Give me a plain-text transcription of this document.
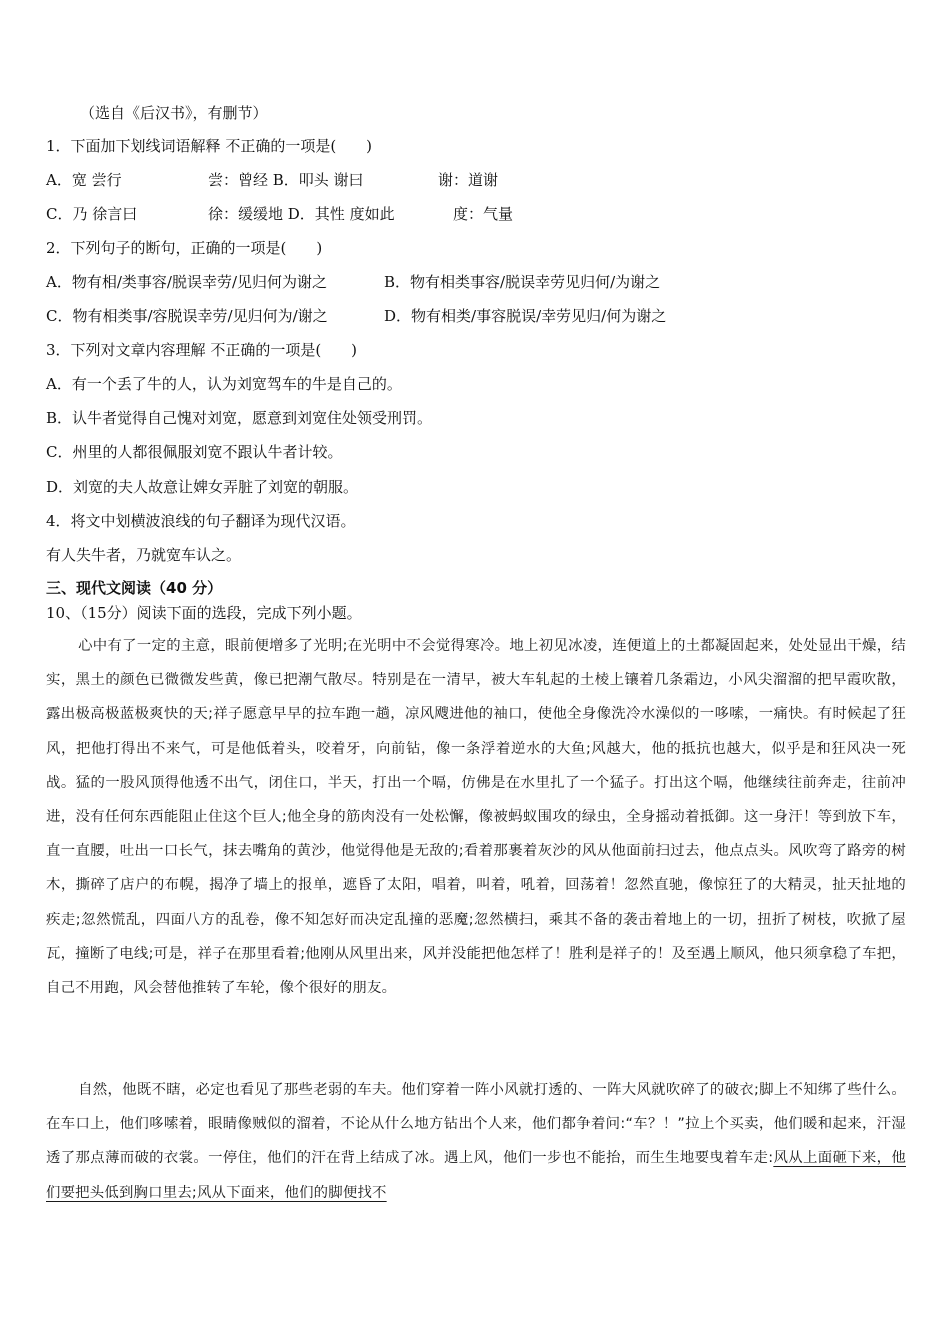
（选自《后汉书》，有删节）
1．下面加下划线词语解释 不正确的一项是(　　)
A．宽 尝行	尝：曾经 B．叩头 谢曰	谢：道谢
C．乃 徐言曰	徐：缓缓地 D．其性 度如此	度：气量
2．下列句子的断句，正确的一项是(　　)
A．物有相/类事容/脱误幸劳/见归何为谢之	B．物有相类事容/脱误幸劳见归何/为谢之
C．物有相类事/容脱误幸劳/见归何为/谢之	D．物有相类/事容脱误/幸劳见归/何为谢之
3．下列对文章内容理解 不正确的一项是(　　)
A．有一个丢了牛的人，认为刘宽驾车的牛是自己的。
B．认牛者觉得自己愧对刘宽，愿意到刘宽住处领受刑罚。
C．州里的人都很佩服刘宽不跟认牛者计较。
D．刘宽的夫人故意让婢女弄脏了刘宽的朝服。
4．将文中划横波浪线的句子翻译为现代汉语。
有人失牛者，乃就宽车认之。
三、现代文阅读（40 分）
10、（15分）阅读下面的选段，完成下列小题。
心中有了一定的主意，眼前便增多了光明;在光明中不会觉得寒冷。地上初见冰凌，连便道上的土都凝固起来，处处显出干燥，结实，黑土的颜色已微微发些黄，像已把潮气散尽。特别是在一清早，被大车轧起的土棱上镶着几条霜边，小风尖溜溜的把早霞吹散，露出极高极蓝极爽快的天;祥子愿意早早的拉车跑一趟，凉风飕进他的袖口，使他全身像洗冷水澡似的一哆嗦，一痛快。有时候起了狂风，把他打得出不来气，可是他低着头，咬着牙，向前钻，像一条浮着逆水的大鱼;风越大，他的抵抗也越大，似乎是和狂风决一死战。猛的一股风顶得他透不出气，闭住口，半天，打出一个嗝，仿佛是在水里扎了一个猛子。打出这个嗝，他继续往前奔走，往前冲进，没有任何东西能阻止住这个巨人;他全身的筋肉没有一处松懈，像被蚂蚁围攻的绿虫，全身摇动着抵御。这一身汗！等到放下车，直一直腰，吐出一口长气，抹去嘴角的黄沙，他觉得他是无敌的;看着那裹着灰沙的风从他面前扫过去，他点点头。风吹弯了路旁的树木，撕碎了店户的布幌，揭净了墙上的报单，遮昏了太阳，唱着，叫着，吼着，回荡着！忽然直驰，像惊狂了的大精灵，扯天扯地的疾走;忽然慌乱，四面八方的乱卷，像不知怎好而决定乱撞的恶魔;忽然横扫，乘其不备的袭击着地上的一切，扭折了树枝，吹掀了屋瓦，撞断了电线;可是，祥子在那里看着;他刚从风里出来，风并没能把他怎样了！胜利是祥子的！及至遇上顺风，他只须拿稳了车把，自己不用跑，风会替他推转了车轮，像个很好的朋友。
自然，他既不瞎，必定也看见了那些老弱的车夫。他们穿着一阵小风就打透的、一阵大风就吹碎了的破衣;脚上不知绑了些什么。在车口上，他们哆嗦着，眼睛像贼似的溜着，不论从什么地方钻出个人来，他们都争着问:“车？！”拉上个买卖，他们暖和起来，汗湿透了那点薄而破的衣裳。一停住，他们的汗在背上结成了冰。遇上风，他们一步也不能抬，而生生地要曳着车走:风从上面砸下来，他们要把头低到胸口里去;风从下面来，他们的脚便找不
